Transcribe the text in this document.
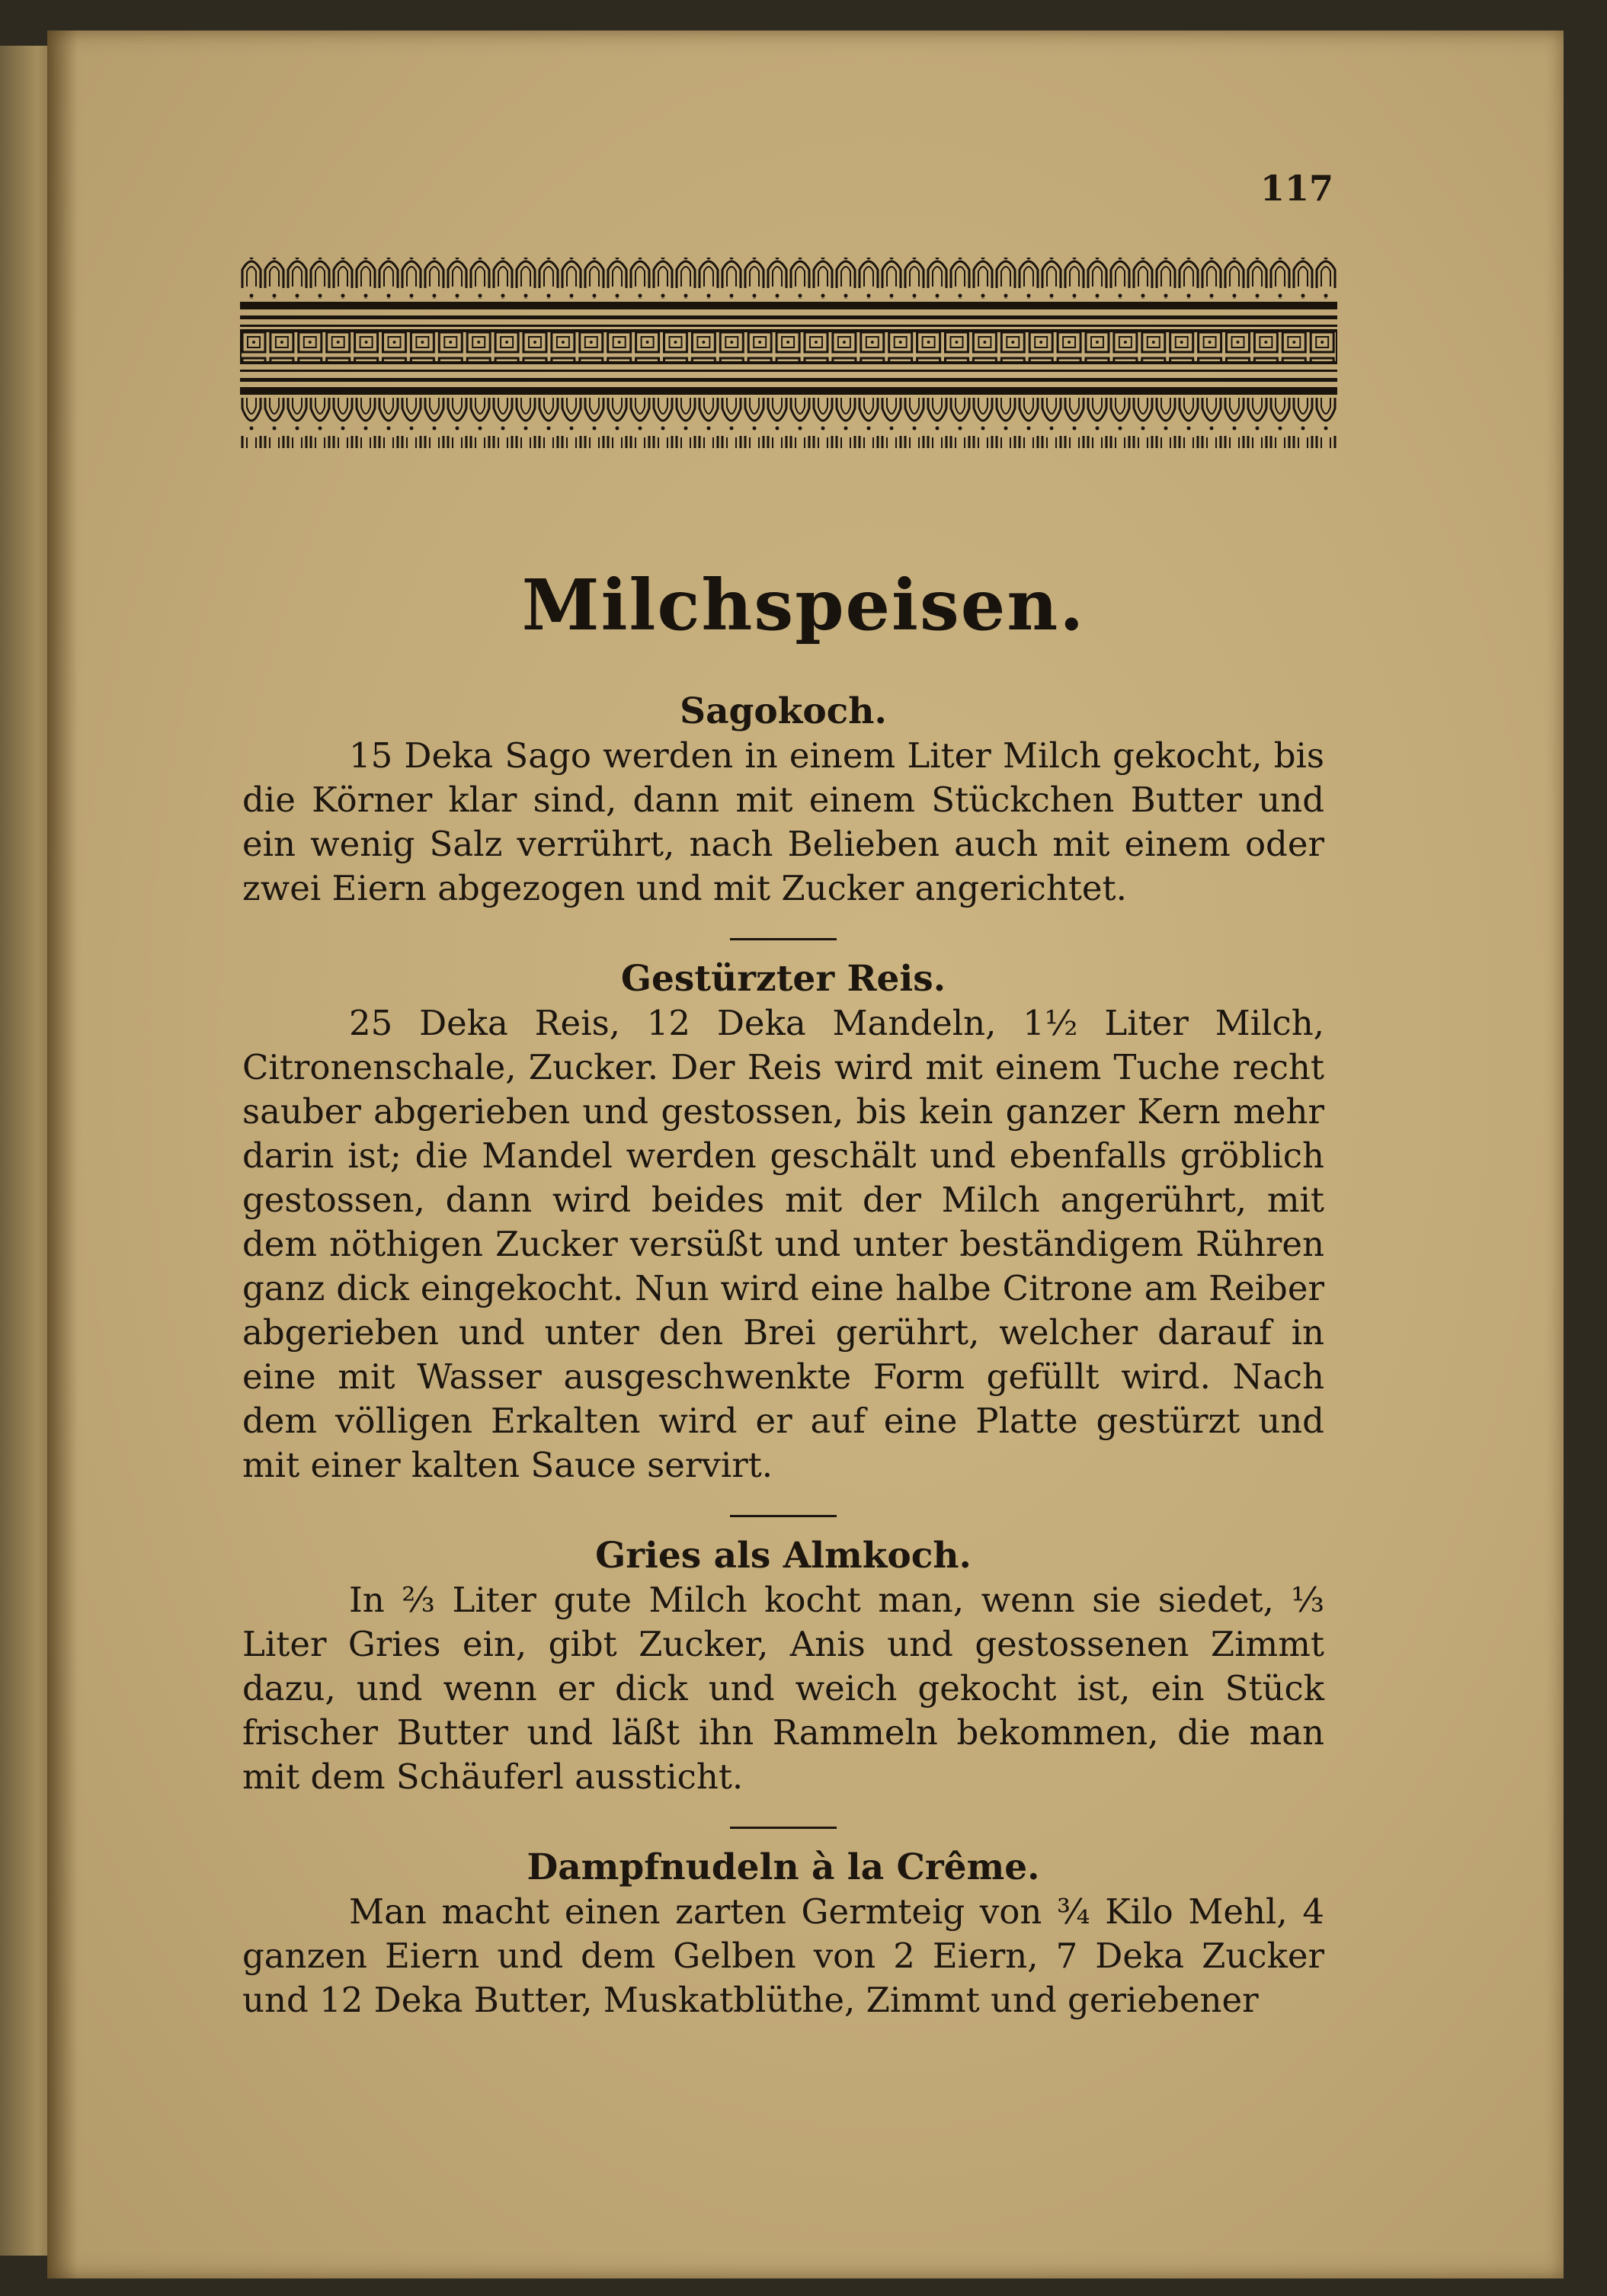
117
Milchspeisen.
Sagokoch.

15 Deka Sago werden in einem Liter Milch gekocht, bis die Körner klar sind, dann mit einem Stückchen Butter und ein wenig Salz verrührt, nach Belieben auch mit einem oder zwei Eiern abgezogen und mit Zucker angerichtet.

Gestürzter Reis.

25 Deka Reis, 12 Deka Mandeln, 1½ Liter Milch, Citronenschale, Zucker. Der Reis wird mit einem Tuche recht sauber abgerieben und gestossen, bis kein ganzer Kern mehr darin ist; die Mandel werden geschält und ebenfalls gröblich gestossen, dann wird beides mit der Milch angerührt, mit dem nöthigen Zucker versüßt und unter beständigem Rühren ganz dick eingekocht. Nun wird eine halbe Citrone am Reiber abgerieben und unter den Brei gerührt, welcher darauf in eine mit Wasser ausgeschwenkte Form gefüllt wird. Nach dem völligen Erkalten wird er auf eine Platte gestürzt und mit einer kalten Sauce servirt.

Gries als Almkoch.

In ⅔ Liter gute Milch kocht man, wenn sie siedet, ⅓ Liter Gries ein, gibt Zucker, Anis und gestossenen Zimmt dazu, und wenn er dick und weich gekocht ist, ein Stück frischer Butter und läßt ihn Rammeln bekommen, die man mit dem Schäuferl aussticht.

Dampfnudeln à la Crême.

Man macht einen zarten Germteig von ¾ Kilo Mehl, 4 ganzen Eiern und dem Gelben von 2 Eiern, 7 Deka Zucker und 12 Deka Butter, Muskatblüthe, Zimmt und geriebener
